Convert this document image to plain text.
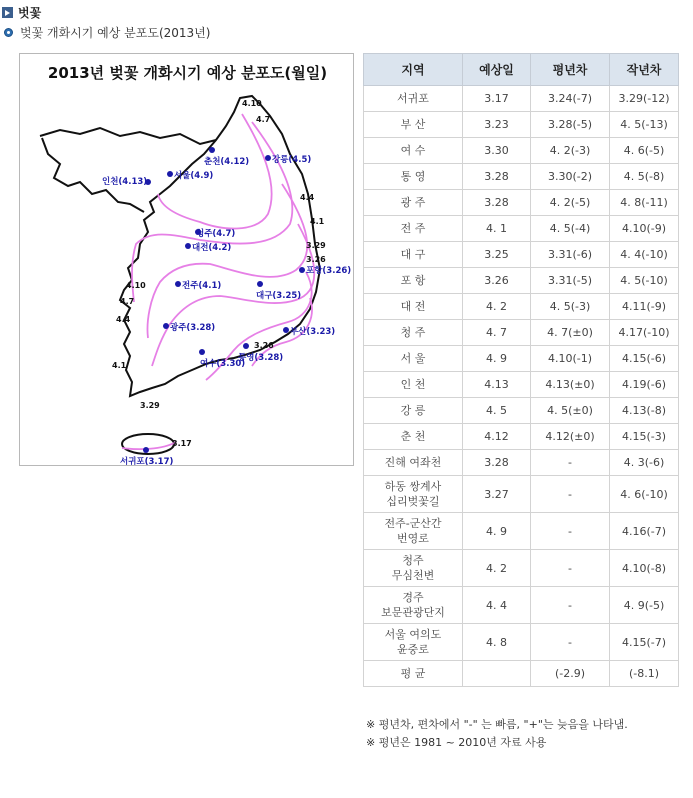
벗꽃
벚꽃 개화시기 예상 분포도(2013년)
2013년 벚꽃 개화시기 예상 분포도(월일)
춘천(4.12)	강릉(4.5)
서울(4.9)
인천(4.13)
청주(4.7)
대전(4.2)
전주(4.1)
포항(3.26)
대구(3.25)
광주(3.28)	부산(3.23)
여수(3.30)
통영(3.28)
서귀포(3.17)
4.10
4.7
4.4
4.1
3.29
3.26
4.10
4.7
4.4
4.1
3.29
3.26
3.17
지역	예상일	평년차	작년차
서귀포	3.17	3.24(-7)	3.29(-12)
부 산	3.23	3.28(-5)	4. 5(-13)
여 수	3.30	4. 2(-3)	4. 6(-5)
통 영	3.28	3.30(-2)	4. 5(-8)
광 주	3.28	4. 2(-5)	4. 8(-11)
전 주	4. 1	4. 5(-4)	4.10(-9)
대 구	3.25	3.31(-6)	4. 4(-10)
포 항	3.26	3.31(-5)	4. 5(-10)
대 전	4. 2	4. 5(-3)	4.11(-9)
청 주	4. 7	4. 7(±0)	4.17(-10)
서 울	4. 9	4.10(-1)	4.15(-6)
인 천	4.13	4.13(±0)	4.19(-6)
강 릉	4. 5	4. 5(±0)	4.13(-8)
춘 천	4.12	4.12(±0)	4.15(-3)
진해 여좌천	3.28	-	4. 3(-6)
하동 쌍계사
십리벚꽃길	3.27	-	4. 6(-10)
전주-군산간
번영로	4. 9	-	4.16(-7)
청주
무심천변	4. 2	-	4.10(-8)
경주
보문관광단지	4. 4	-	4. 9(-5)
서울 여의도
윤중로	4. 8	-	4.15(-7)
평 균		(-2.9)	(-8.1)
※ 평년차, 편차에서 "-" 는 빠름, "+"는 늦음을 나타냄.
※ 평년은 1981 ~ 2010년 자료 사용
